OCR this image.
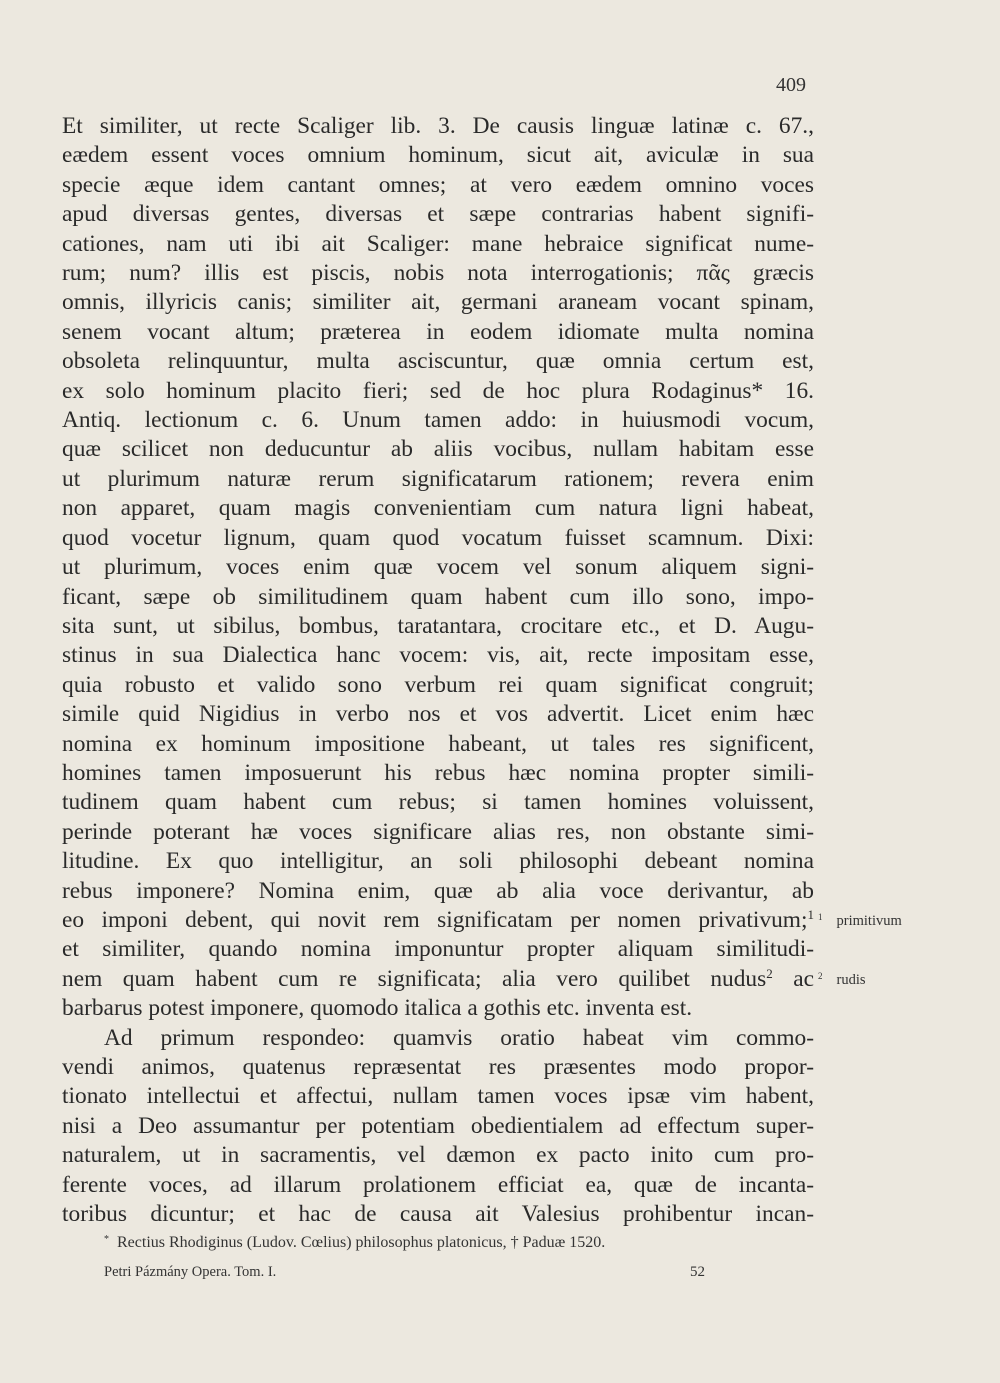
409
Et similiter, ut recte Scaliger lib. 3. De causis linguæ latinæ c. 67.,
eædem essent voces omnium hominum, sicut ait, aviculæ in sua
specie æque idem cantant omnes; at vero eædem omnino voces
apud diversas gentes, diversas et sæpe contrarias habent signifi-
cationes, nam uti ibi ait Scaliger: mane hebraice significat nume-
rum; num? illis est piscis, nobis nota interrogationis; πᾶς græcis
omnis, illyricis canis; similiter ait, germani araneam vocant spinam,
senem vocant altum; præterea in eodem idiomate multa nomina
obsoleta relinquuntur, multa asciscuntur, quæ omnia certum est,
ex solo hominum placito fieri; sed de hoc plura Rodaginus* 16.
Antiq. lectionum c. 6. Unum tamen addo: in huiusmodi vocum,
quæ scilicet non deducuntur ab aliis vocibus, nullam habitam esse
ut plurimum naturæ rerum significatarum rationem; revera enim
non apparet, quam magis convenientiam cum natura ligni habeat,
quod vocetur lignum, quam quod vocatum fuisset scamnum. Dixi:
ut plurimum, voces enim quæ vocem vel sonum aliquem signi-
ficant, sæpe ob similitudinem quam habent cum illo sono, impo-
sita sunt, ut sibilus, bombus, taratantara, crocitare etc., et D. Augu-
stinus in sua Dialectica hanc vocem: vis, ait, recte impositam esse,
quia robusto et valido sono verbum rei quam significat congruit;
simile quid Nigidius in verbo nos et vos advertit. Licet enim hæc
nomina ex hominum impositione habeant, ut tales res significent,
homines tamen imposuerunt his rebus hæc nomina propter simili-
tudinem quam habent cum rebus; si tamen homines voluissent,
perinde poterant hæ voces significare alias res, non obstante simi-
litudine. Ex quo intelligitur, an soli philosophi debeant nomina
rebus imponere? Nomina enim, quæ ab alia voce derivantur, ab
eo imponi debent, qui novit rem significatam per nomen privativum;$^1$
et similiter, quando nomina imponuntur propter aliquam similitudi-
nem quam habent cum re significata; alia vero quilibet nudus$^2$ ac
barbarus potest imponere, quomodo italica a gothis etc. inventa est.
Ad primum respondeo: quamvis oratio habeat vim commo-
vendi animos, quatenus repræsentat res præsentes modo propor-
tionato intellectui et affectui, nullam tamen voces ipsæ vim habent,
nisi a Deo assumantur per potentiam obedientialem ad effectum super-
naturalem, ut in sacramentis, vel dæmon ex pacto inito cum pro-
ferente voces, ad illarum prolationem efficiat ea, quæ de incanta-
toribus dicuntur; et hac de causa ait Valesius prohibentur incan-
$^1$ primitivum
$^2$ rudis
* Rectius Rhodiginus (Ludov. Cœlius) philosophus platonicus, † Paduæ 1520.
Petri Pázmány Opera. Tom. I.	52
